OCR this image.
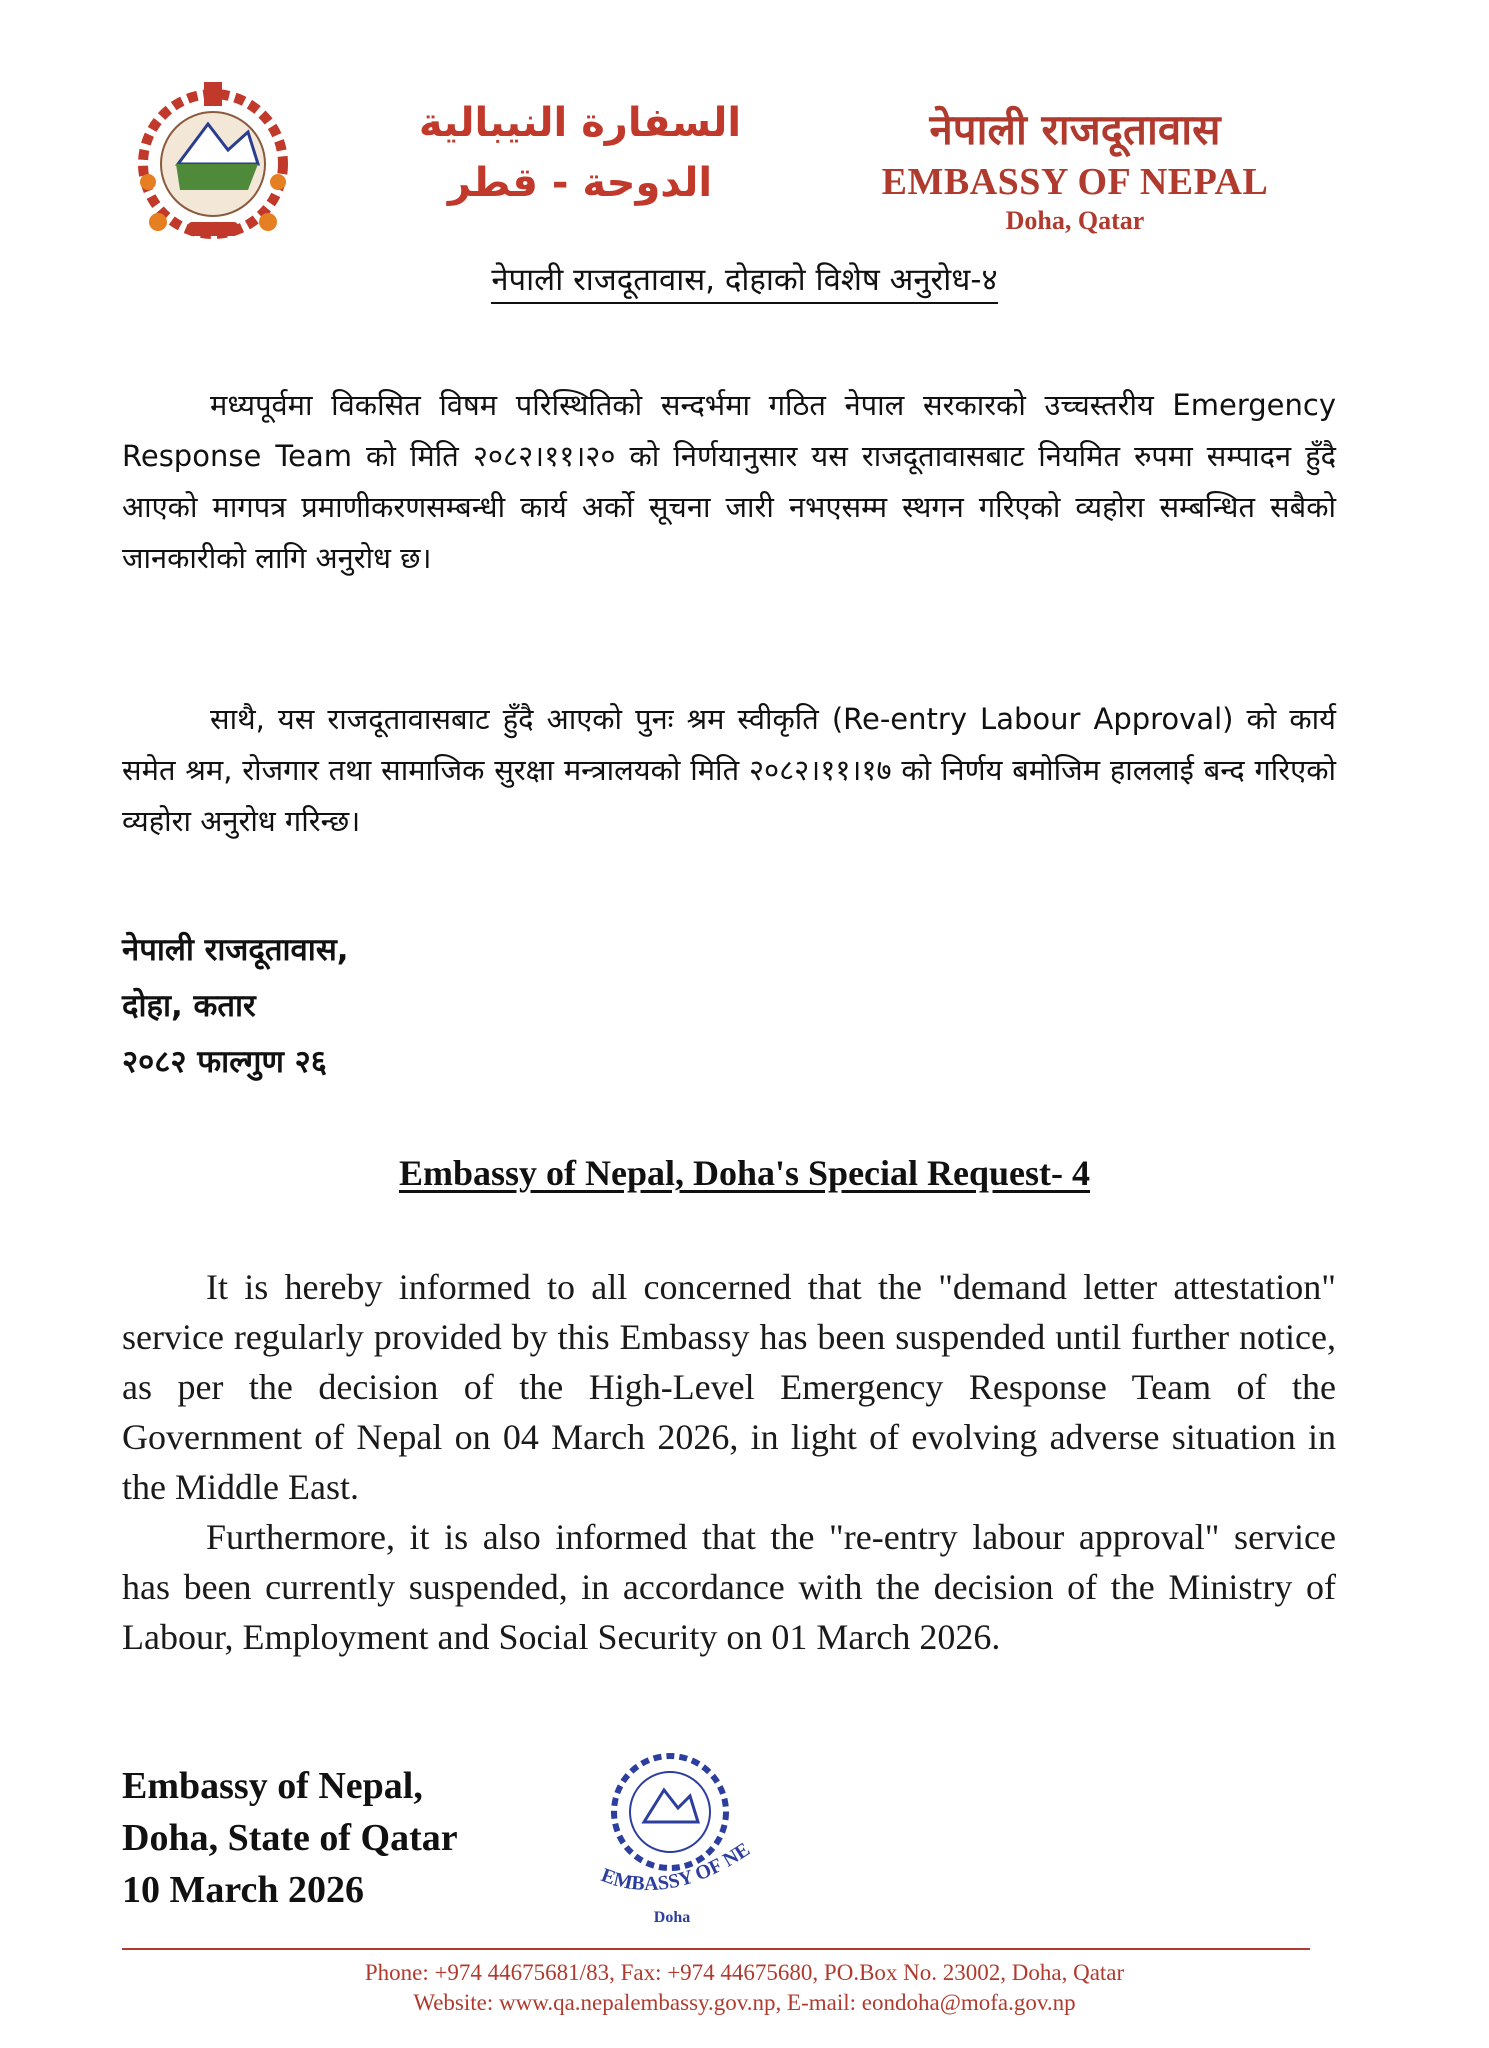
السفارة النيبالية
الدوحة - قطر
नेपाली राजदूतावास
EMBASSY OF NEPAL
Doha, Qatar
नेपाली राजदूतावास, दोहाको विशेष अनुरोध-४
मध्यपूर्वमा विकसित विषम परिस्थितिको सन्दर्भमा गठित नेपाल सरकारको उच्चस्तरीय Emergency Response Team को मिति २०८२।११।२० को निर्णयानुसार यस राजदूतावासबाट नियमित रुपमा सम्पादन हुँदै आएको मागपत्र प्रमाणीकरणसम्बन्धी कार्य अर्को सूचना जारी नभएसम्म स्थगन गरिएको व्यहोरा सम्बन्धित सबैको जानकारीको लागि अनुरोध छ।
साथै, यस राजदूतावासबाट हुँदै आएको पुनः श्रम स्वीकृति (Re-entry Labour Approval) को कार्य समेत श्रम, रोजगार तथा सामाजिक सुरक्षा मन्त्रालयको मिति २०८२।११।१७ को निर्णय बमोजिम हाललाई बन्द गरिएको व्यहोरा अनुरोध गरिन्छ।
नेपाली राजदूतावास,
दोहा, कतार
२०८२ फाल्गुण २६
Embassy of Nepal, Doha's Special Request- 4
It is hereby informed to all concerned that the "demand letter attestation" service regularly provided by this Embassy has been suspended until further notice, as per the decision of the High-Level Emergency Response Team of the Government of Nepal on 04 March 2026, in light of evolving adverse situation in the Middle East.
Furthermore, it is also informed that the "re-entry labour approval" service has been currently suspended, in accordance with the decision of the Ministry of Labour, Employment and Social Security on 01 March 2026.
Embassy of Nepal,
Doha, State of Qatar
10 March 2026	EMBASSY OF NE
Doha
Phone: +974 44675681/83, Fax: +974 44675680, PO.Box No. 23002, Doha, Qatar
Website: www.qa.nepalembassy.gov.np, E-mail: eondoha@mofa.gov.np
